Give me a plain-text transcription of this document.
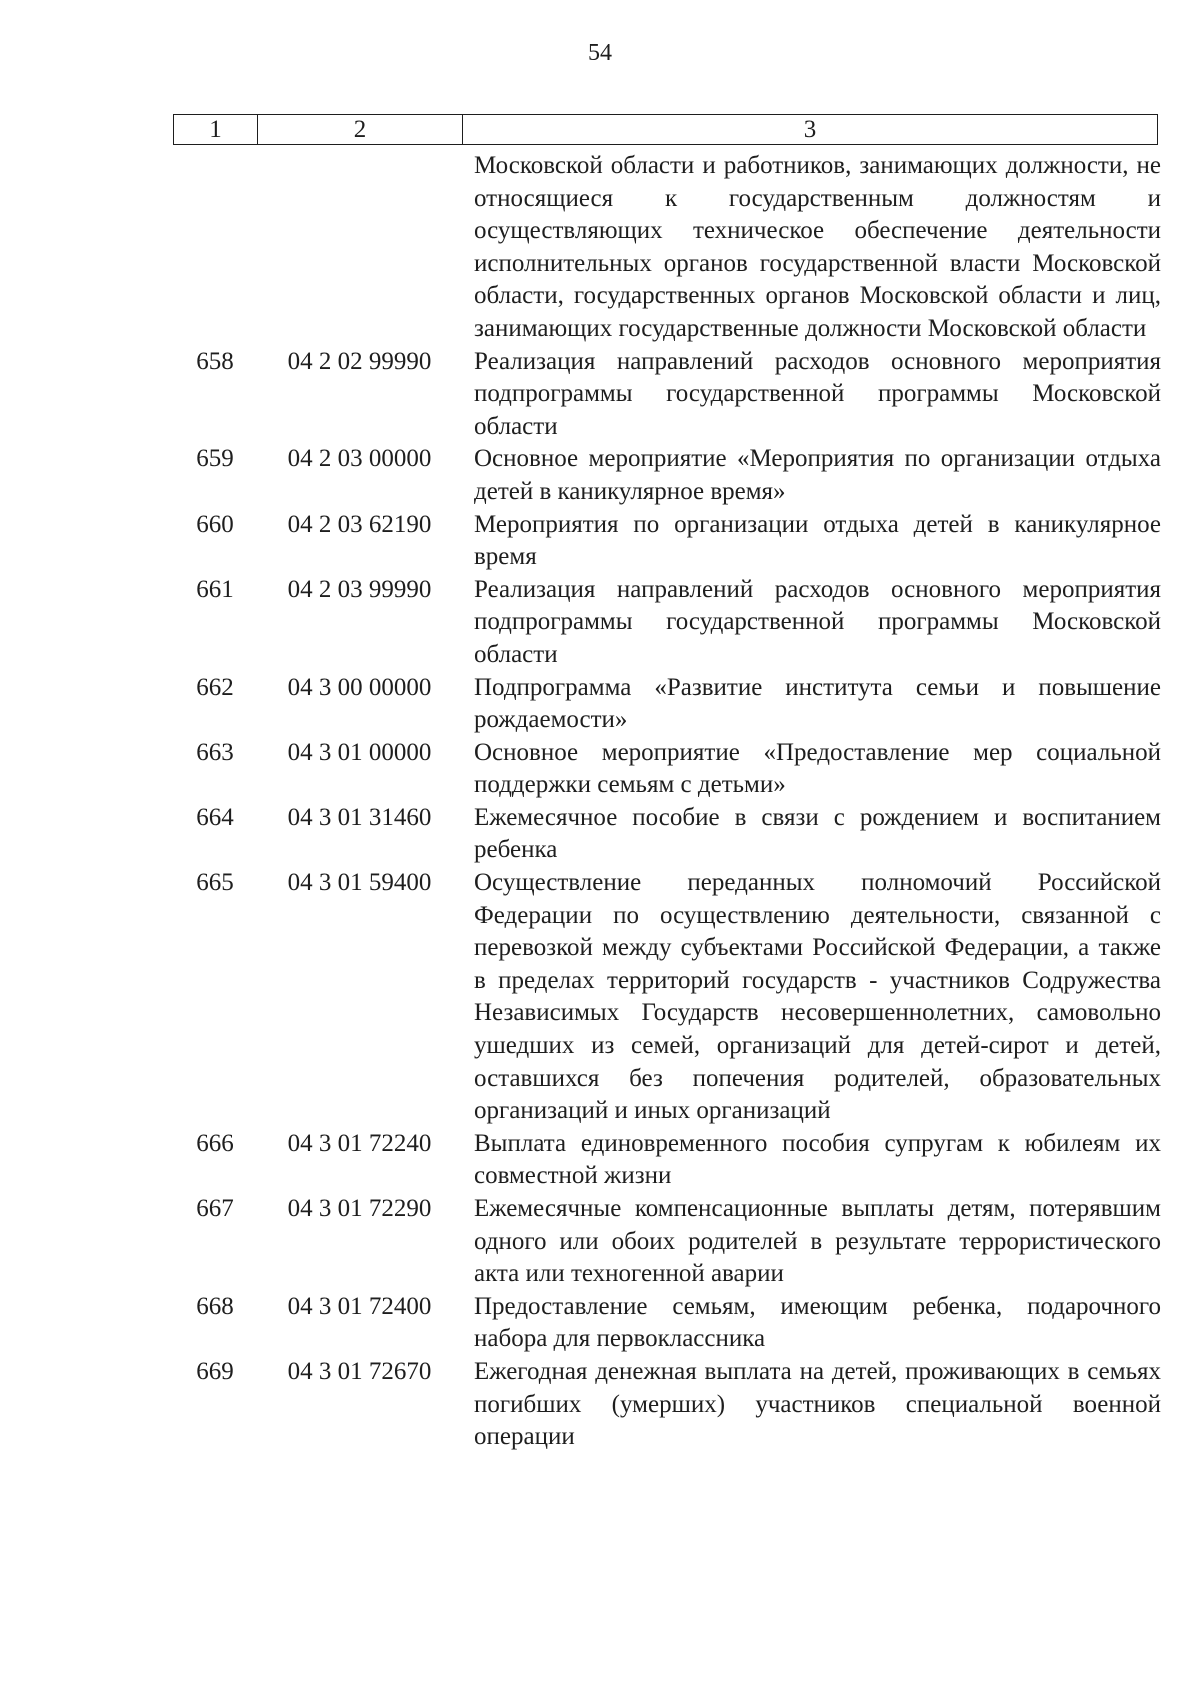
54
1	2	3
Московской области и работников, занимающих должности, не относящиеся к государственным должностям и осуществляющих техническое обеспечение деятельности исполнительных органов государственной власти Московской области, государственных органов Московской области и лиц, занимающих государственные должности Московской области
658	04 2 02 99990	Реализация направлений расходов основного мероприятия подпрограммы государственной программы Московской области
659	04 2 03 00000	Основное мероприятие «Мероприятия по организации отдыха детей в каникулярное время»
660	04 2 03 62190	Мероприятия по организации отдыха детей в каникулярное время
661	04 2 03 99990	Реализация направлений расходов основного мероприятия подпрограммы государственной программы Московской области
662	04 3 00 00000	Подпрограмма «Развитие института семьи и повышение рождаемости»
663	04 3 01 00000	Основное мероприятие «Предоставление мер социальной поддержки семьям с детьми»
664	04 3 01 31460	Ежемесячное пособие в связи с рождением и воспитанием ребенка
665	04 3 01 59400	Осуществление переданных полномочий Российской Федерации по осуществлению деятельности, связанной с перевозкой между субъектами Российской Федерации, а также в пределах территорий государств - участников Содружества Независимых Государств несовершеннолетних, самовольно ушедших из семей, организаций для детей-сирот и детей, оставшихся без попечения родителей, образовательных организаций и иных организаций
666	04 3 01 72240	Выплата единовременного пособия супругам к юбилеям их совместной жизни
667	04 3 01 72290	Ежемесячные компенсационные выплаты детям, потерявшим одного или обоих родителей в результате террористического акта или техногенной аварии
668	04 3 01 72400	Предоставление семьям, имеющим ребенка, подарочного набора для первоклассника
669	04 3 01 72670	Ежегодная денежная выплата на детей, проживающих в семьях погибших (умерших) участников специальной военной операции
